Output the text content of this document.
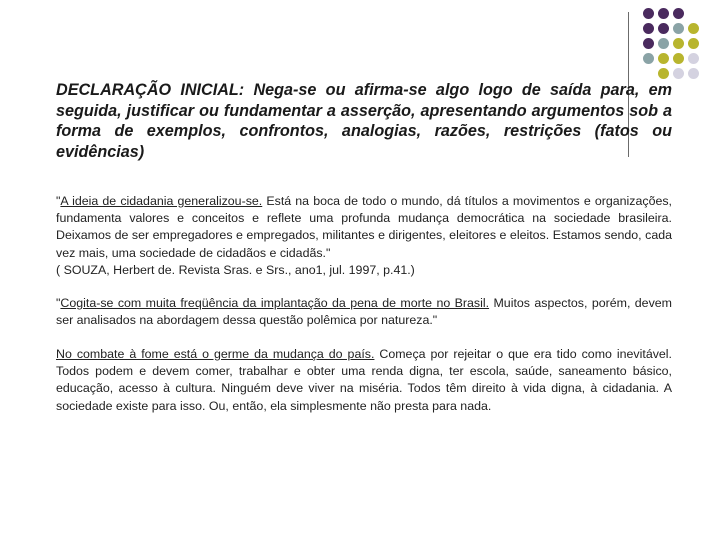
DECLARAÇÃO INICIAL: Nega-se ou afirma-se algo logo de saída para, em seguida, justificar ou fundamentar a asserção, apresentando argumentos sob a forma de exemplos, confrontos, analogias, razões, restrições (fatos ou evidências)

"A ideia de cidadania generalizou-se. Está na boca de todo o mundo, dá títulos a movimentos e organizações, fundamenta valores e conceitos e reflete uma profunda mudança democrática na sociedade brasileira. Deixamos de ser empregadores e empregados, militantes e dirigentes, eleitores e eleitos. Estamos sendo, cada vez mais, uma sociedade de cidadãos e cidadãs."
( SOUZA, Herbert de. Revista Sras. e Srs., ano1, jul. 1997, p.41.)

"Cogita-se com muita freqüência da implantação da pena de morte no Brasil. Muitos aspectos, porém, devem ser analisados na abordagem dessa questão polêmica por natureza."

No combate à fome está o germe da mudança do país. Começa por rejeitar o que era tido como inevitável. Todos podem e devem comer, trabalhar e obter uma renda digna, ter escola, saúde, saneamento básico, educação, acesso à cultura. Ninguém deve viver na miséria. Todos têm direito à vida digna, à cidadania. A sociedade existe para isso. Ou, então, ela simplesmente não presta para nada.
